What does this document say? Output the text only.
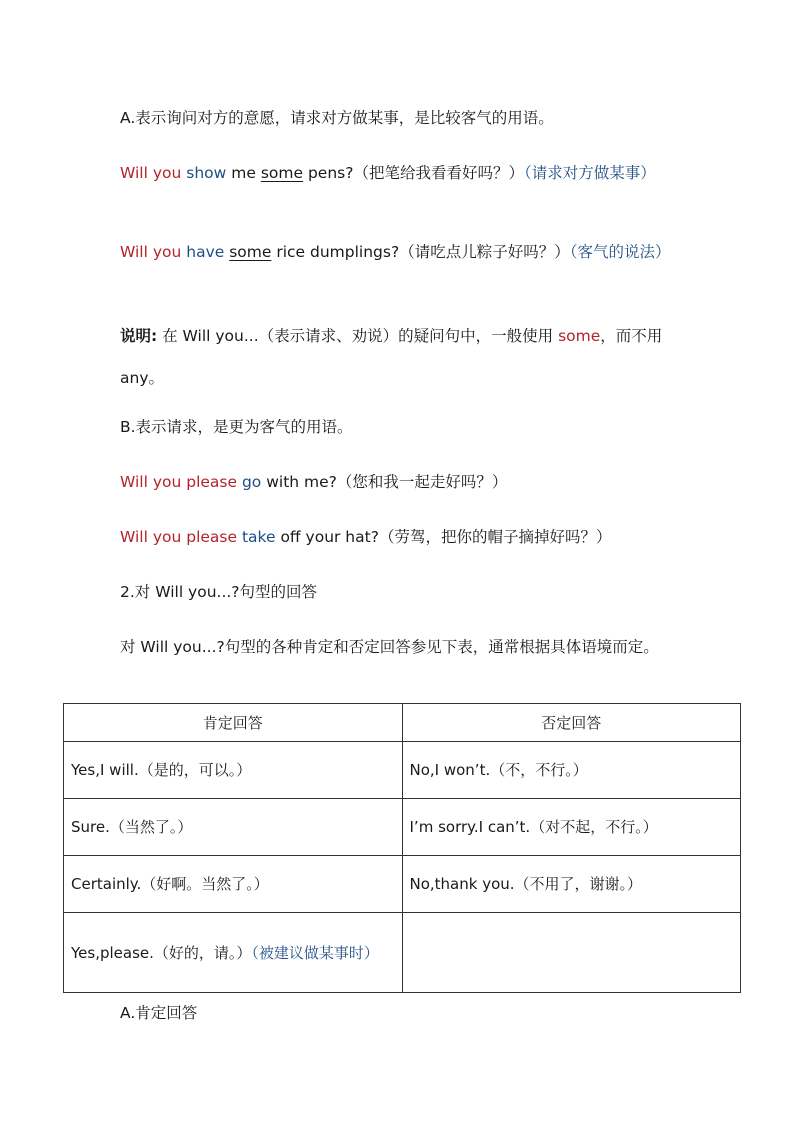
A.表示询问对方的意愿，请求对方做某事，是比较客气的用语。

Will you show me some pens?（把笔给我看看好吗？）（请求对方做某事）

Will you have some rice dumplings?（请吃点儿粽子好吗？）（客气的说法）

说明: 在 Will you...（表示请求、劝说）的疑问句中，一般使用 some，而不用 any。

B.表示请求，是更为客气的用语。

Will you please go with me?（您和我一起走好吗？）

Will you please take off your hat?（劳驾，把你的帽子摘掉好吗？）

2.对 Will you...?句型的回答

对 Will you...?句型的各种肯定和否定回答参见下表，通常根据具体语境而定。

肯定回答	否定回答
Yes,I will.（是的，可以。）	No,I won’t.（不，不行。）
Sure.（当然了。）	I’m sorry.I can’t.（对不起，不行。）
Certainly.（好啊。当然了。）	No,thank you.（不用了，谢谢。）
Yes,please.（好的，请。）（被建议做某事时）	

A.肯定回答
